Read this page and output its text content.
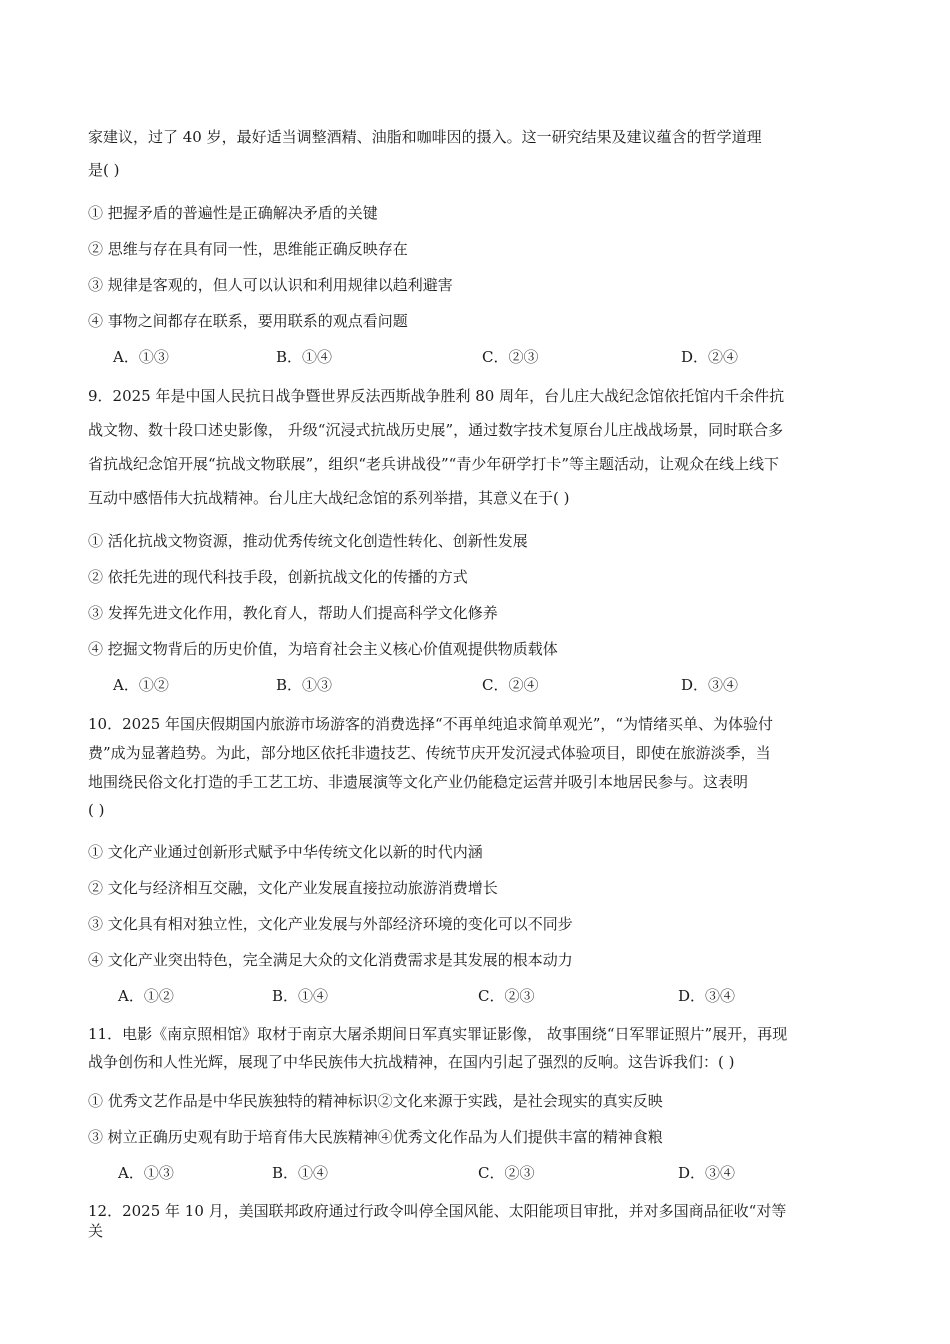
家建议，过了 40 岁，最好适当调整酒精、油脂和咖啡因的摄入。这一研究结果及建议蕴含的哲学道理
是( )
① 把握矛盾的普遍性是正确解决矛盾的关键
② 思维与存在具有同一性，思维能正确反映存在
③ 规律是客观的，但人可以认识和利用规律以趋利避害
④ 事物之间都存在联系，要用联系的观点看问题
A．①③	B．①④	C．②③	D．②④
9．2025 年是中国人民抗日战争暨世界反法西斯战争胜利 80 周年，台儿庄大战纪念馆依托馆内千余件抗
战文物、数十段口述史影像， 升级“沉浸式抗战历史展”，通过数字技术复原台儿庄战战场景，同时联合多
省抗战纪念馆开展“抗战文物联展”，组织“老兵讲战役”“青少年研学打卡”等主题活动，让观众在线上线下
互动中感悟伟大抗战精神。台儿庄大战纪念馆的系列举措，其意义在于( )
① 活化抗战文物资源，推动优秀传统文化创造性转化、创新性发展
② 依托先进的现代科技手段，创新抗战文化的传播的方式
③ 发挥先进文化作用，教化育人，帮助人们提高科学文化修养
④ 挖掘文物背后的历史价值，为培育社会主义核心价值观提供物质载体
A．①②	B．①③	C．②④	D．③④
10．2025 年国庆假期国内旅游市场游客的消费选择“不再单纯追求简单观光”，“为情绪买单、为体验付
费”成为显著趋势。为此，部分地区依托非遗技艺、传统节庆开发沉浸式体验项目，即使在旅游淡季，当
地围绕民俗文化打造的手工艺工坊、非遗展演等文化产业仍能稳定运营并吸引本地居民参与。这表明
( )
① 文化产业通过创新形式赋予中华传统文化以新的时代内涵
② 文化与经济相互交融，文化产业发展直接拉动旅游消费增长
③ 文化具有相对独立性，文化产业发展与外部经济环境的变化可以不同步
④ 文化产业突出特色，完全满足大众的文化消费需求是其发展的根本动力
A．①②	B．①④	C．②③	D．③④
11．电影《南京照相馆》取材于南京大屠杀期间日军真实罪证影像， 故事围绕“日军罪证照片”展开，再现
战争创伤和人性光辉，展现了中华民族伟大抗战精神，在国内引起了强烈的反响。这告诉我们：( )
① 优秀文艺作品是中华民族独特的精神标识②文化来源于实践，是社会现实的真实反映
③ 树立正确历史观有助于培育伟大民族精神④优秀文化作品为人们提供丰富的精神食粮
A．①③	B．①④	C．②③	D．③④
12．2025 年 10 月，美国联邦政府通过行政令叫停全国风能、太阳能项目审批，并对多国商品征收“对等
关
